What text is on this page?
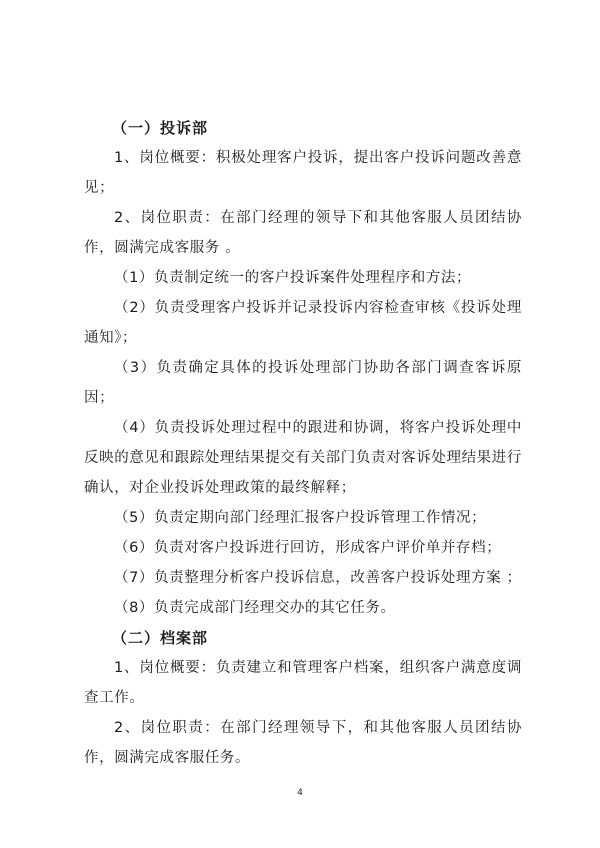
（一）投诉部

1、岗位概要：积极处理客户投诉，提出客户投诉问题改善意见；

2、岗位职责：在部门经理的领导下和其他客服人员团结协作，圆满完成客服务 。

（1）负责制定统一的客户投诉案件处理程序和方法；

（2）负责受理客户投诉并记录投诉内容检查审核《投诉处理通知》；

（3）负责确定具体的投诉处理部门协助各部门调查客诉原因；

（4）负责投诉处理过程中的跟进和协调，将客户投诉处理中反映的意见和跟踪处理结果提交有关部门负责对客诉处理结果进行确认，对企业投诉处理政策的最终解释；

（5）负责定期向部门经理汇报客户投诉管理工作情况；

（6）负责对客户投诉进行回访，形成客户评价单并存档；

（7）负责整理分析客户投诉信息，改善客户投诉处理方案 ；

（8）负责完成部门经理交办的其它任务。

（二）档案部

1、岗位概要：负责建立和管理客户档案，组织客户满意度调查工作。

2、岗位职责：在部门经理领导下，和其他客服人员团结协作，圆满完成客服任务。

4
